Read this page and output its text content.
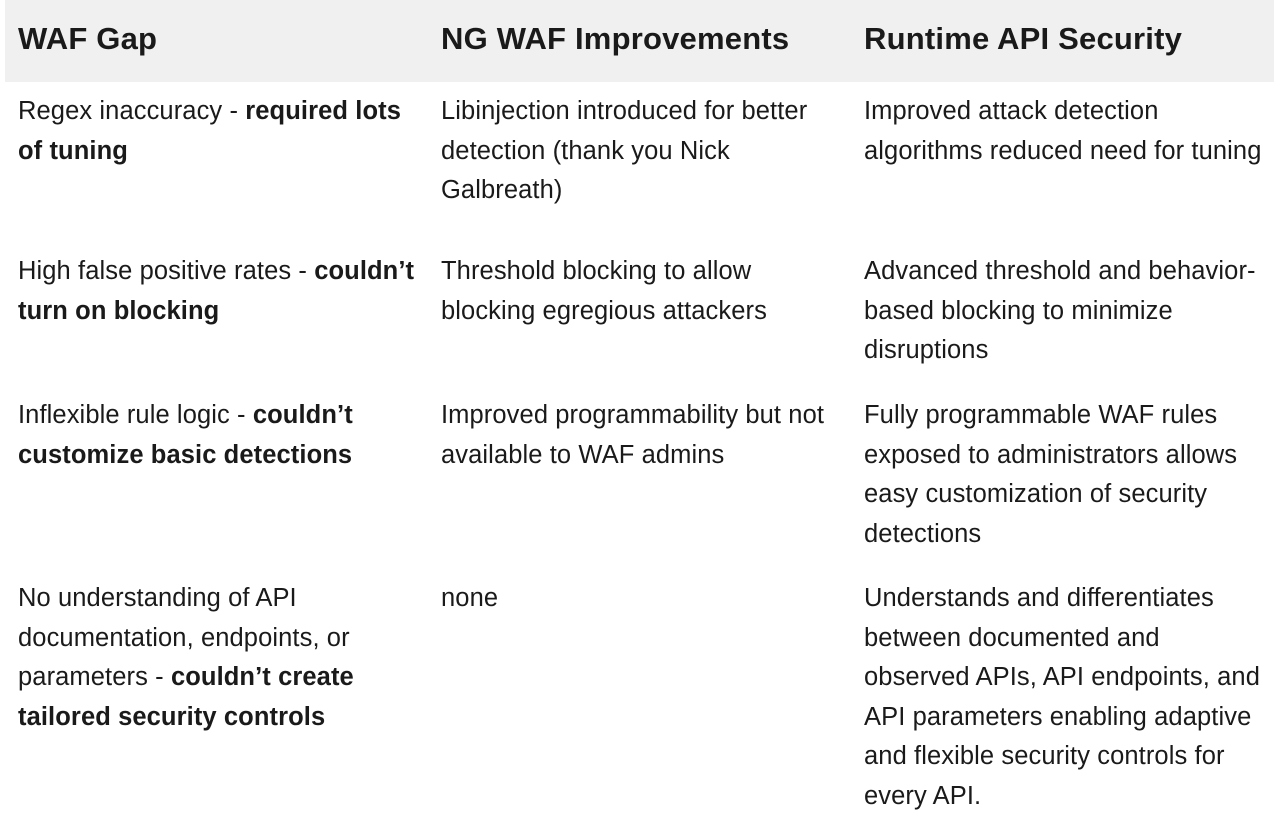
WAF Gap	NG WAF Improvements	Runtime API Security
Regex inaccuracy - required lots of tuning	Libinjection introduced for better detection (thank you Nick Galbreath)	Improved attack detection algorithms reduced need for tuning
High false positive rates - couldn’t turn on blocking	Threshold blocking to allow blocking egregious attackers	Advanced threshold and behavior-based blocking to minimize disruptions
Inflexible rule logic - couldn’t customize basic detections	Improved programmability but not available to WAF admins	Fully programmable WAF rules exposed to administrators allows easy customization of security detections
No understanding of API documentation, endpoints, or parameters - couldn’t create tailored security controls	none	Understands and differentiates between documented and observed APIs, API endpoints, and API parameters enabling adaptive and flexible security controls for every API.
